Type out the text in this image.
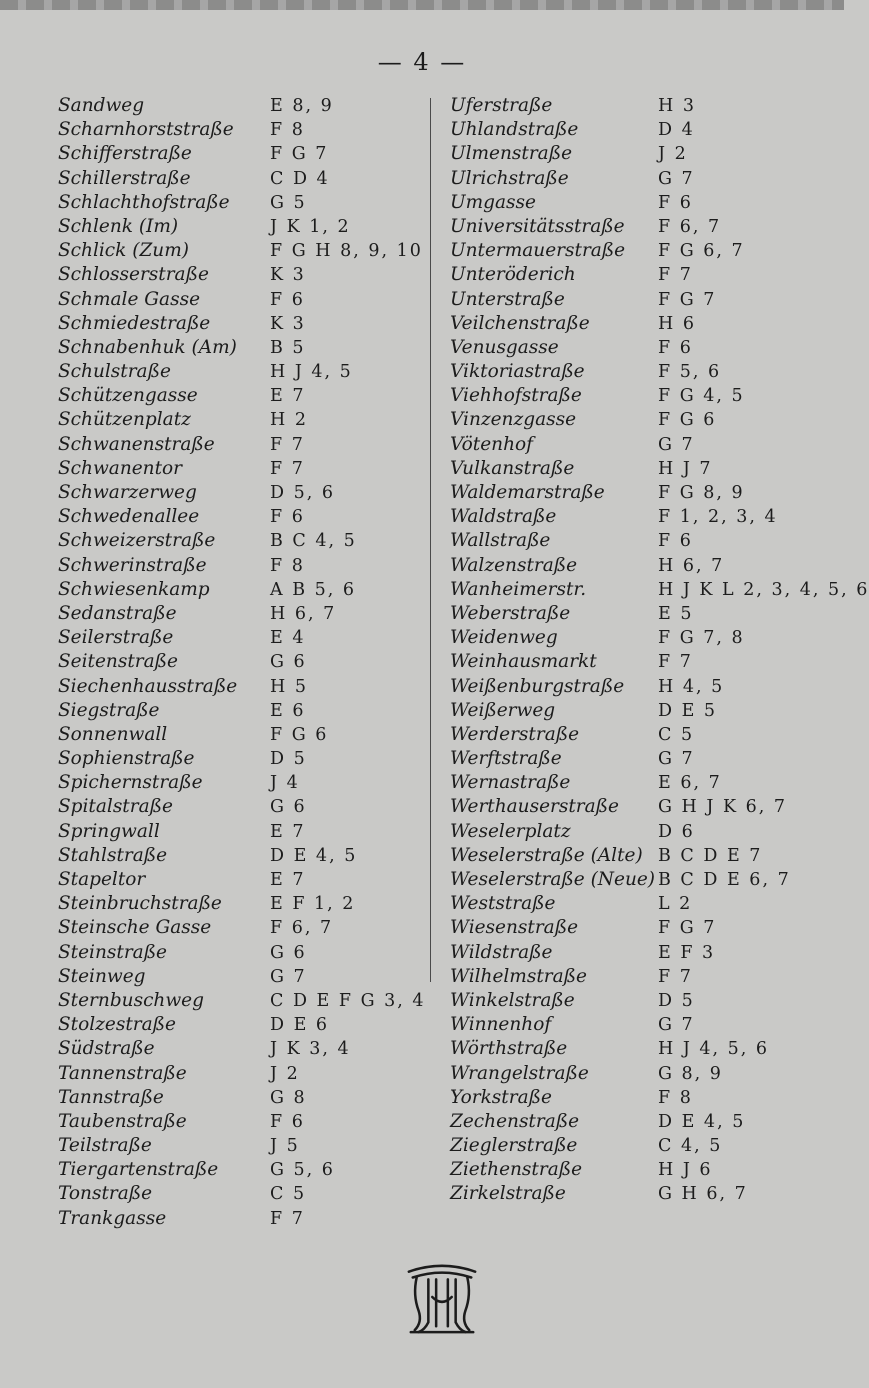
— 4 —
Sandweg	E 8, 9
Scharnhorststraße F 8
Schifferstraße	F G 7
Schillerstraße	C D 4
Schlachthofstraße G 5
Schlenk (Im)	J K 1, 2
Schlick (Zum)	F G H 8, 9, 10
Schlosserstraße	K 3
Schmale Gasse	F 6
Schmiedestraße	K 3
Schnabenhuk (Am) B 5
Schulstraße	H J 4, 5
Schützengasse	E 7
Schützenplatz	H 2
Schwanenstraße	F 7
Schwanentor	F 7
Schwarzerweg	D 5, 6
Schwedenallee	F 6
Schweizerstraße	B C 4, 5
Schwerinstraße	F 8
Schwiesenkamp	A B 5, 6
Sedanstraße	H 6, 7
Seilerstraße	E 4
Seitenstraße	G 6
Siechenhausstraße H 5
Siegstraße	E 6
Sonnenwall	F G 6
Sophienstraße	D 5
Spichernstraße	J 4
Spitalstraße	G 6
Springwall	E 7
Stahlstraße	D E 4, 5
Stapeltor	E 7
Steinbruchstraße	E F 1, 2
Steinsche Gasse	F 6, 7
Steinstraße	G 6
Steinweg	G 7
Sternbuschweg	C D E F G 3, 4
Stolzestraße	D E 6
Südstraße	J K 3, 4
Tannenstraße	J 2
Tannstraße	G 8
Taubenstraße	F 6
Teilstraße	J 5
Tiergartenstraße	G 5, 6
Tonstraße	C 5
Trankgasse	F 7
Uferstraße	H 3
Uhlandstraße	D 4
Ulmenstraße	J 2
Ulrichstraße	G 7
Umgasse	F 6
Universitätsstraße F 6, 7
Untermauerstraße F G 6, 7
Unteröderich	F 7
Unterstraße	F G 7
Veilchenstraße	H 6
Venusgasse	F 6
Viktoriastraße	F 5, 6
Viehhofstraße	F G 4, 5
Vinzenzgasse	F G 6
Vötenhof	G 7
Vulkanstraße	H J 7
Waldemarstraße	F G 8, 9
Waldstraße	F 1, 2, 3, 4
Wallstraße	F 6
Walzenstraße	H 6, 7
Wanheimerstr.	H J K L 2, 3, 4, 5, 6
Weberstraße	E 5
Weidenweg	F G 7, 8
Weinhausmarkt	F 7
Weißenburgstraße H 4, 5
Weißerweg	D E 5
Werderstraße	C 5
Werftstraße	G 7
Wernastraße	E 6, 7
Werthauserstraße G H J K 6, 7
Weselerplatz	D 6
Weselerstraße (Alte) B C D E 7
Weselerstraße (Neue) B C D E 6, 7
Weststraße	L 2
Wiesenstraße	F G 7
Wildstraße	E F 3
Wilhelmstraße	F 7
Winkelstraße	D 5
Winnenhof	G 7
Wörthstraße	H J 4, 5, 6
Wrangelstraße	G 8, 9
Yorkstraße	F 8
Zechenstraße	D E 4, 5
Zieglerstraße	C 4, 5
Ziethenstraße	H J 6
Zirkelstraße	G H 6, 7
